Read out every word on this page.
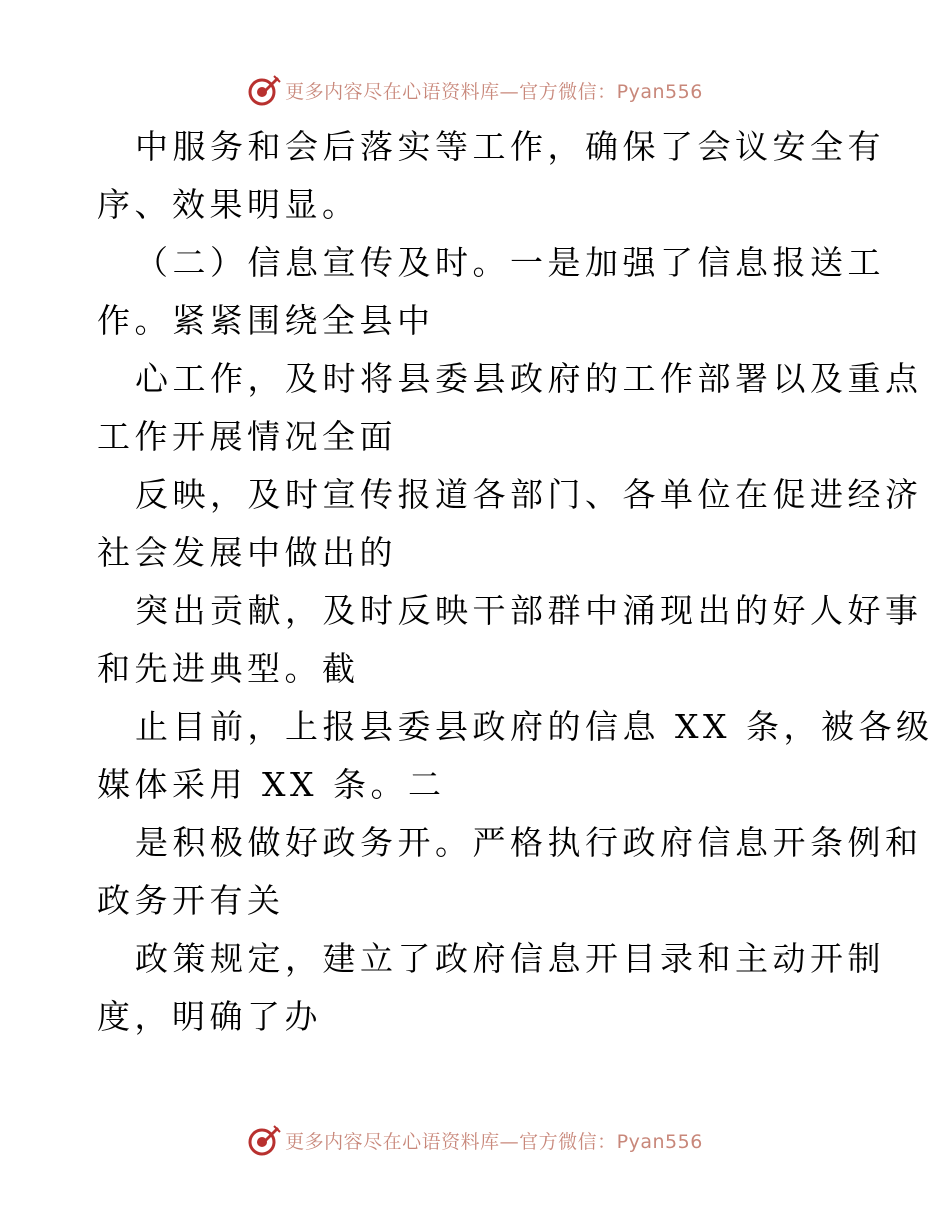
更多内容尽在心语资料库—官方微信：Pyan556
中服务和会后落实等工作，确保了会议安全有
序、效果明显。
（二）信息宣传及时。一是加强了信息报送工
作。紧紧围绕全县中
心工作，及时将县委县政府的工作部署以及重点
工作开展情况全面
反映，及时宣传报道各部门、各单位在促进经济
社会发展中做出的
突出贡献，及时反映干部群中涌现出的好人好事
和先进典型。截
止目前，上报县委县政府的信息 XX 条，被各级
媒体采用 XX 条。二
是积极做好政务开。严格执行政府信息开条例和
政务开有关
政策规定，建立了政府信息开目录和主动开制
度，明确了办
更多内容尽在心语资料库—官方微信：Pyan556
